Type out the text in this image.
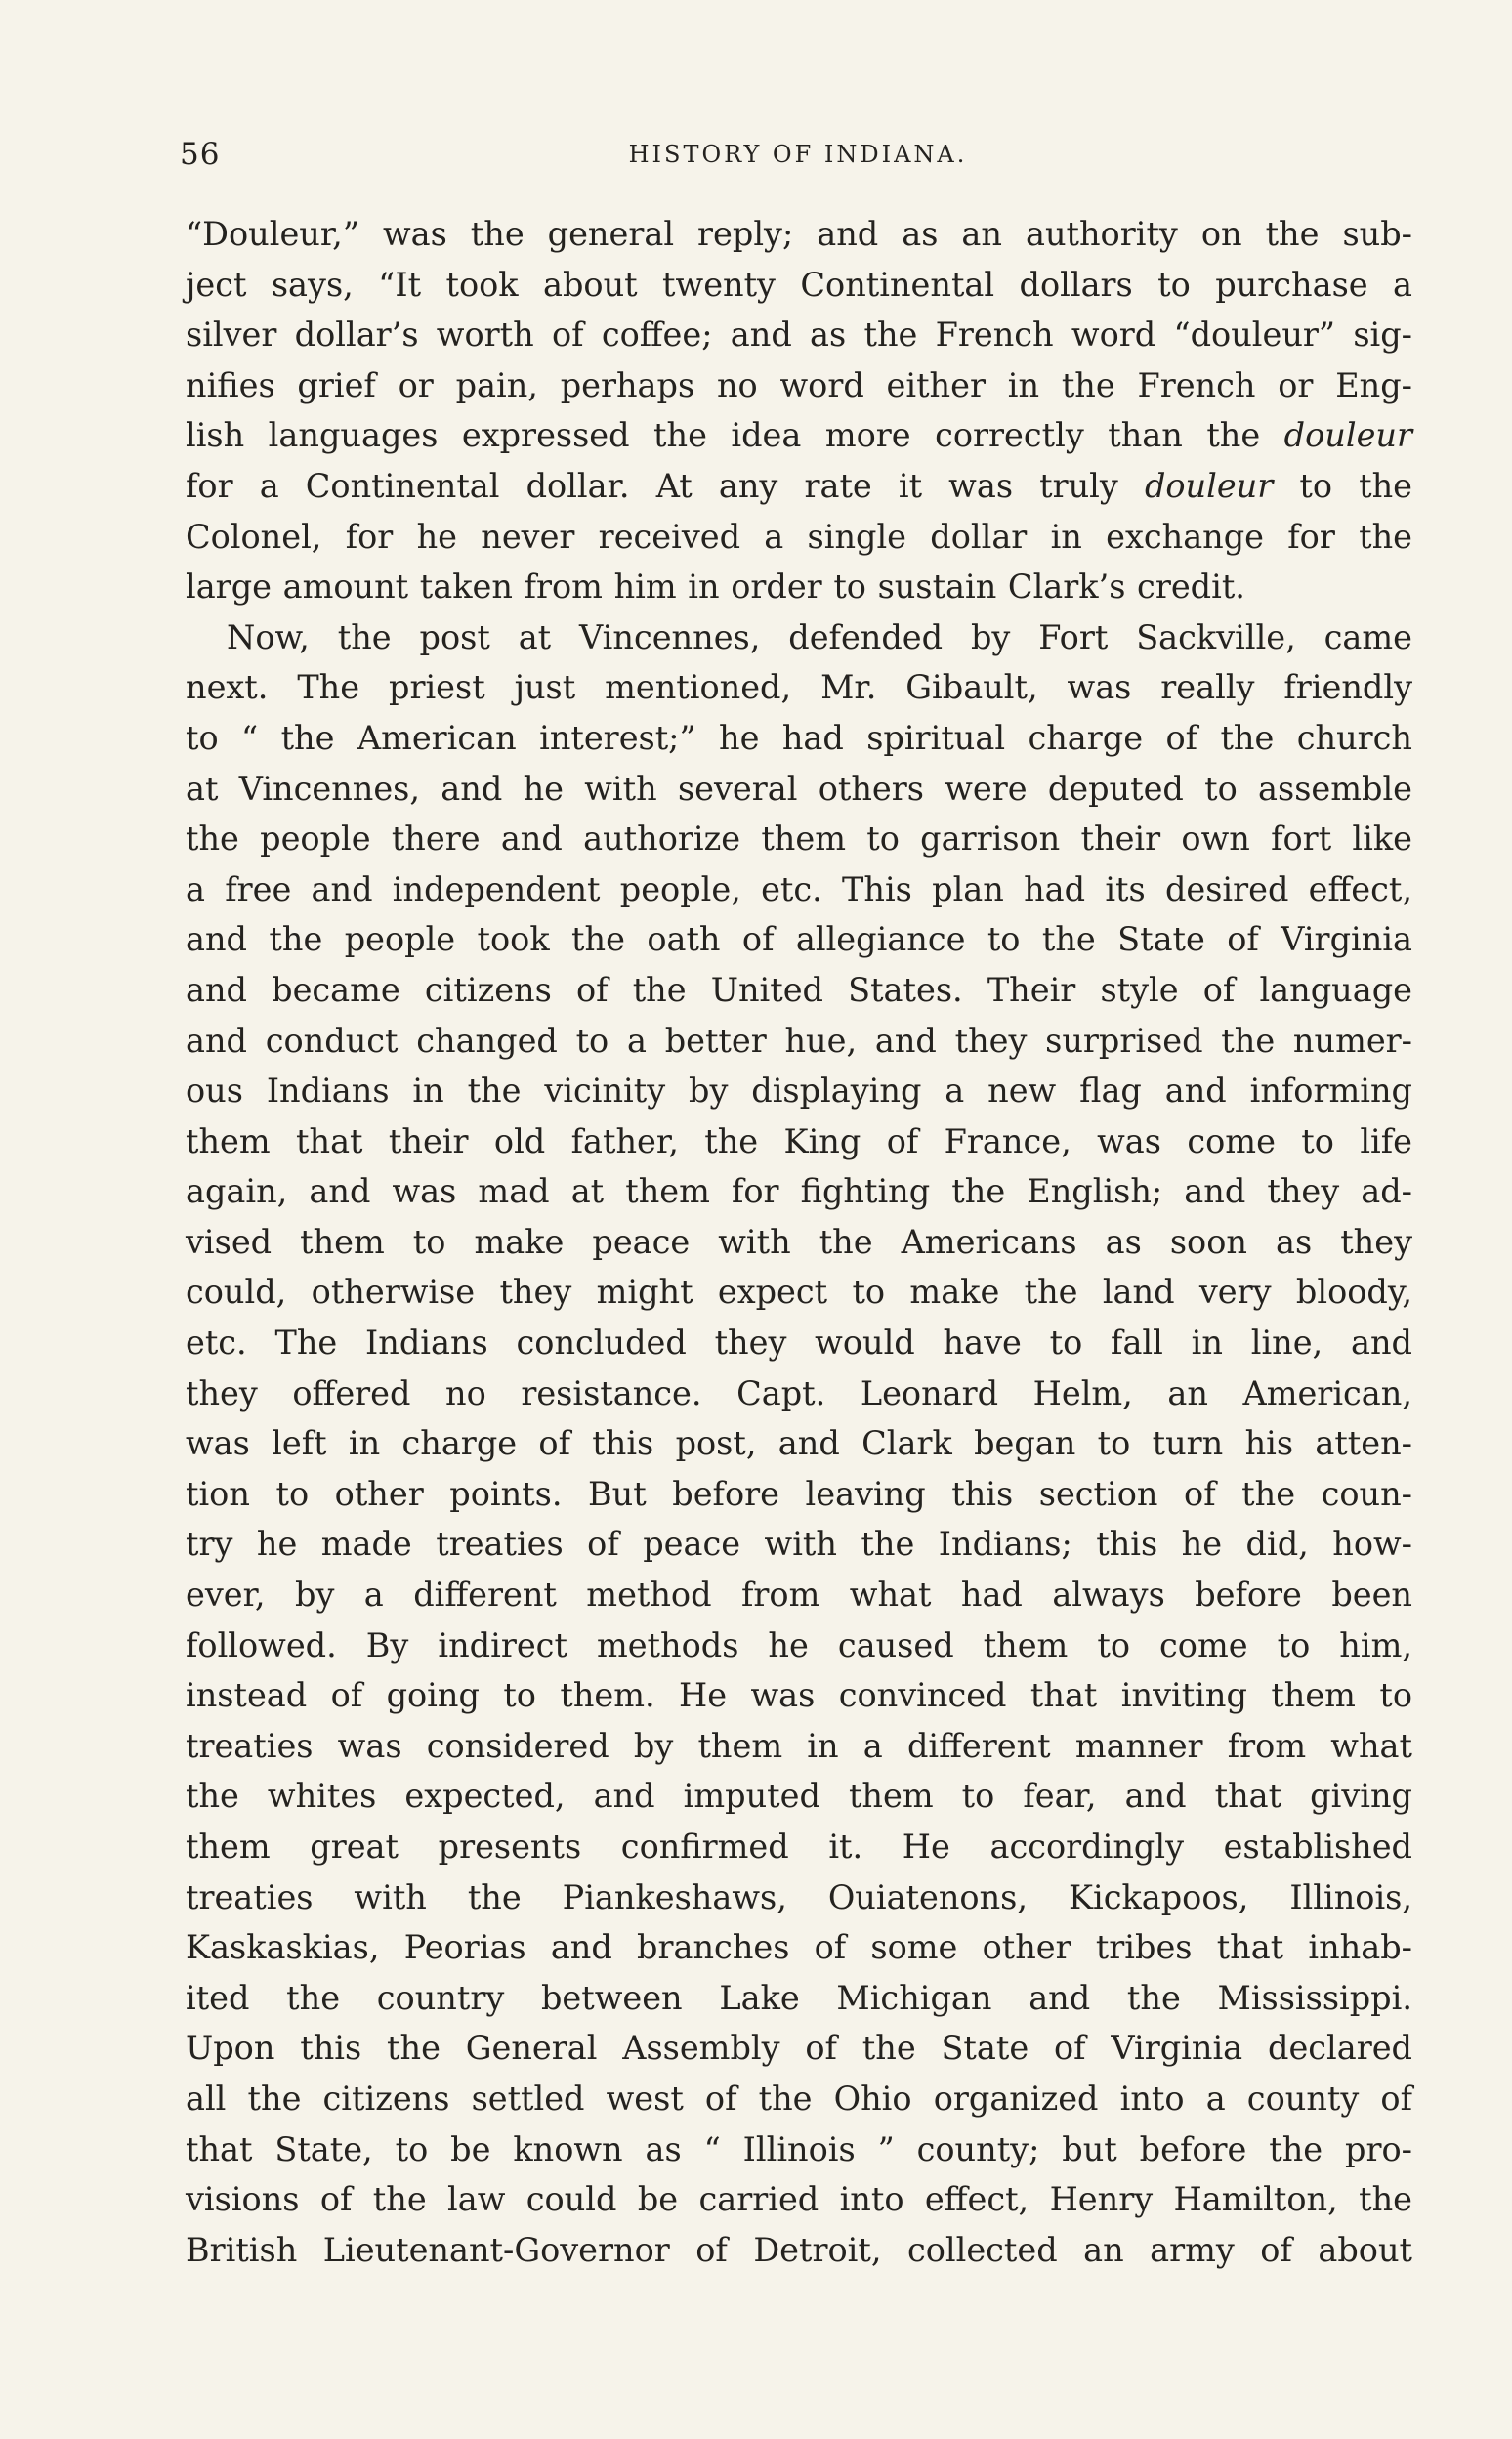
56	HISTORY OF INDIANA.
“Douleur,” was the general reply; and as an authority on the sub-
ject says, “It took about twenty Continental dollars to purchase a
silver dollar’s worth of coffee; and as the French word “douleur” sig-
nifies grief or pain, perhaps no word either in the French or Eng-
lish languages expressed the idea more correctly than the douleur
for a Continental dollar. At any rate it was truly douleur to the
Colonel, for he never received a single dollar in exchange for the
large amount taken from him in order to sustain Clark’s credit.
Now, the post at Vincennes, defended by Fort Sackville, came
next. The priest just mentioned, Mr. Gibault, was really friendly
to “ the American interest;” he had spiritual charge of the church
at Vincennes, and he with several others were deputed to assemble
the people there and authorize them to garrison their own fort like
a free and independent people, etc. This plan had its desired effect,
and the people took the oath of allegiance to the State of Virginia
and became citizens of the United States. Their style of language
and conduct changed to a better hue, and they surprised the numer-
ous Indians in the vicinity by displaying a new flag and informing
them that their old father, the King of France, was come to life
again, and was mad at them for fighting the English; and they ad-
vised them to make peace with the Americans as soon as they
could, otherwise they might expect to make the land very bloody,
etc. The Indians concluded they would have to fall in line, and
they offered no resistance. Capt. Leonard Helm, an American,
was left in charge of this post, and Clark began to turn his atten-
tion to other points. But before leaving this section of the coun-
try he made treaties of peace with the Indians; this he did, how-
ever, by a different method from what had always before been
followed. By indirect methods he caused them to come to him,
instead of going to them. He was convinced that inviting them to
treaties was considered by them in a different manner from what
the whites expected, and imputed them to fear, and that giving
them great presents confirmed it. He accordingly established
treaties with the Piankeshaws, Ouiatenons, Kickapoos, Illinois,
Kaskaskias, Peorias and branches of some other tribes that inhab-
ited the country between Lake Michigan and the Mississippi.
Upon this the General Assembly of the State of Virginia declared
all the citizens settled west of the Ohio organized into a county of
that State, to be known as “ Illinois ” county; but before the pro-
visions of the law could be carried into effect, Henry Hamilton, the
British Lieutenant-Governor of Detroit, collected an army of about
